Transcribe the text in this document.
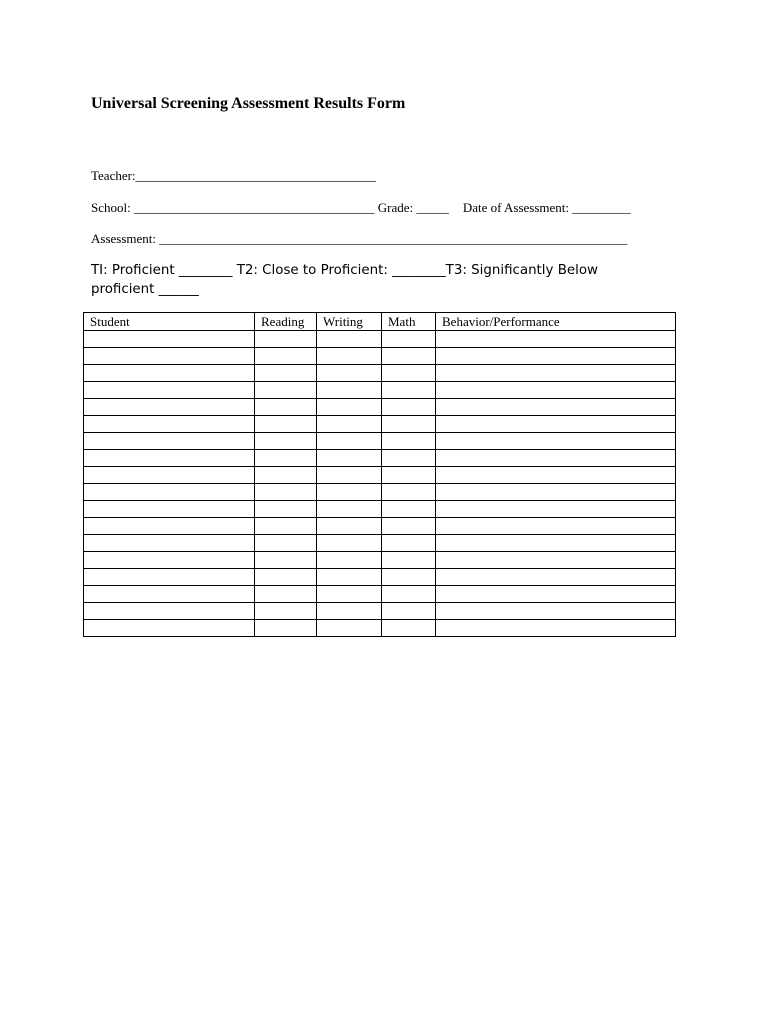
Universal Screening Assessment Results Form
Teacher:_____________________________________
School: _____________________________________ Grade: _____ Date of Assessment: _________
Assessment: ________________________________________________________________________
TI: Proficient ________ T2: Close to Proficient: ________T3: Significantly Below proficient ______
Student	Reading	Writing	Math	Behavior/Performance
